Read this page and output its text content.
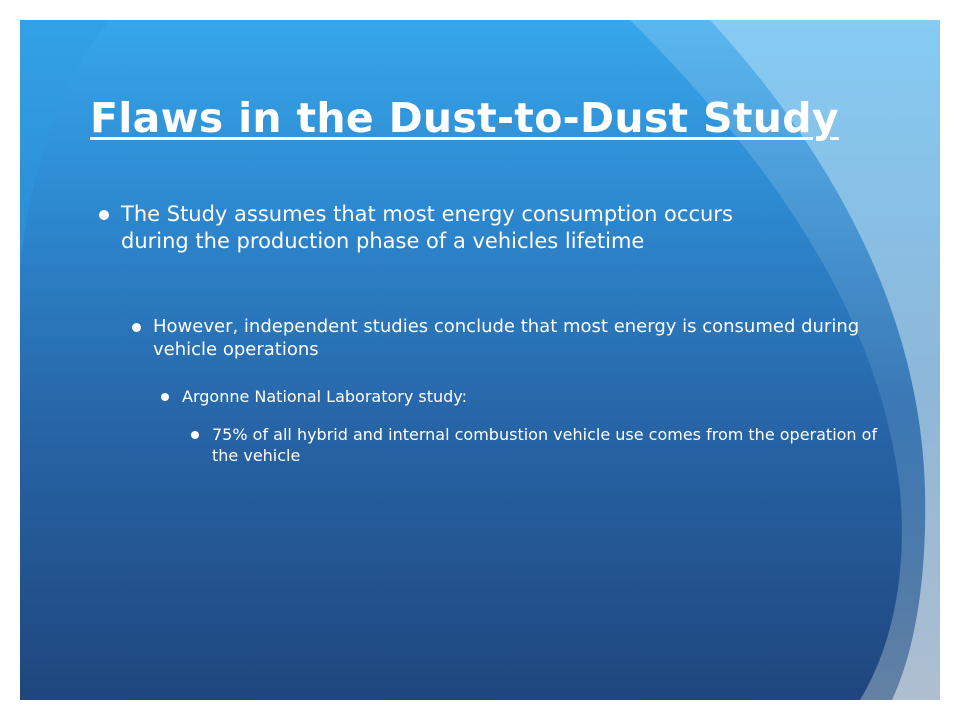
Flaws in the Dust-to-Dust Study
The Study assumes that most energy consumption occurs during the production phase of a vehicles lifetime
However, independent studies conclude that most energy is consumed during vehicle operations
Argonne National Laboratory study:
75% of all hybrid and internal combustion vehicle use comes from the operation of the vehicle
